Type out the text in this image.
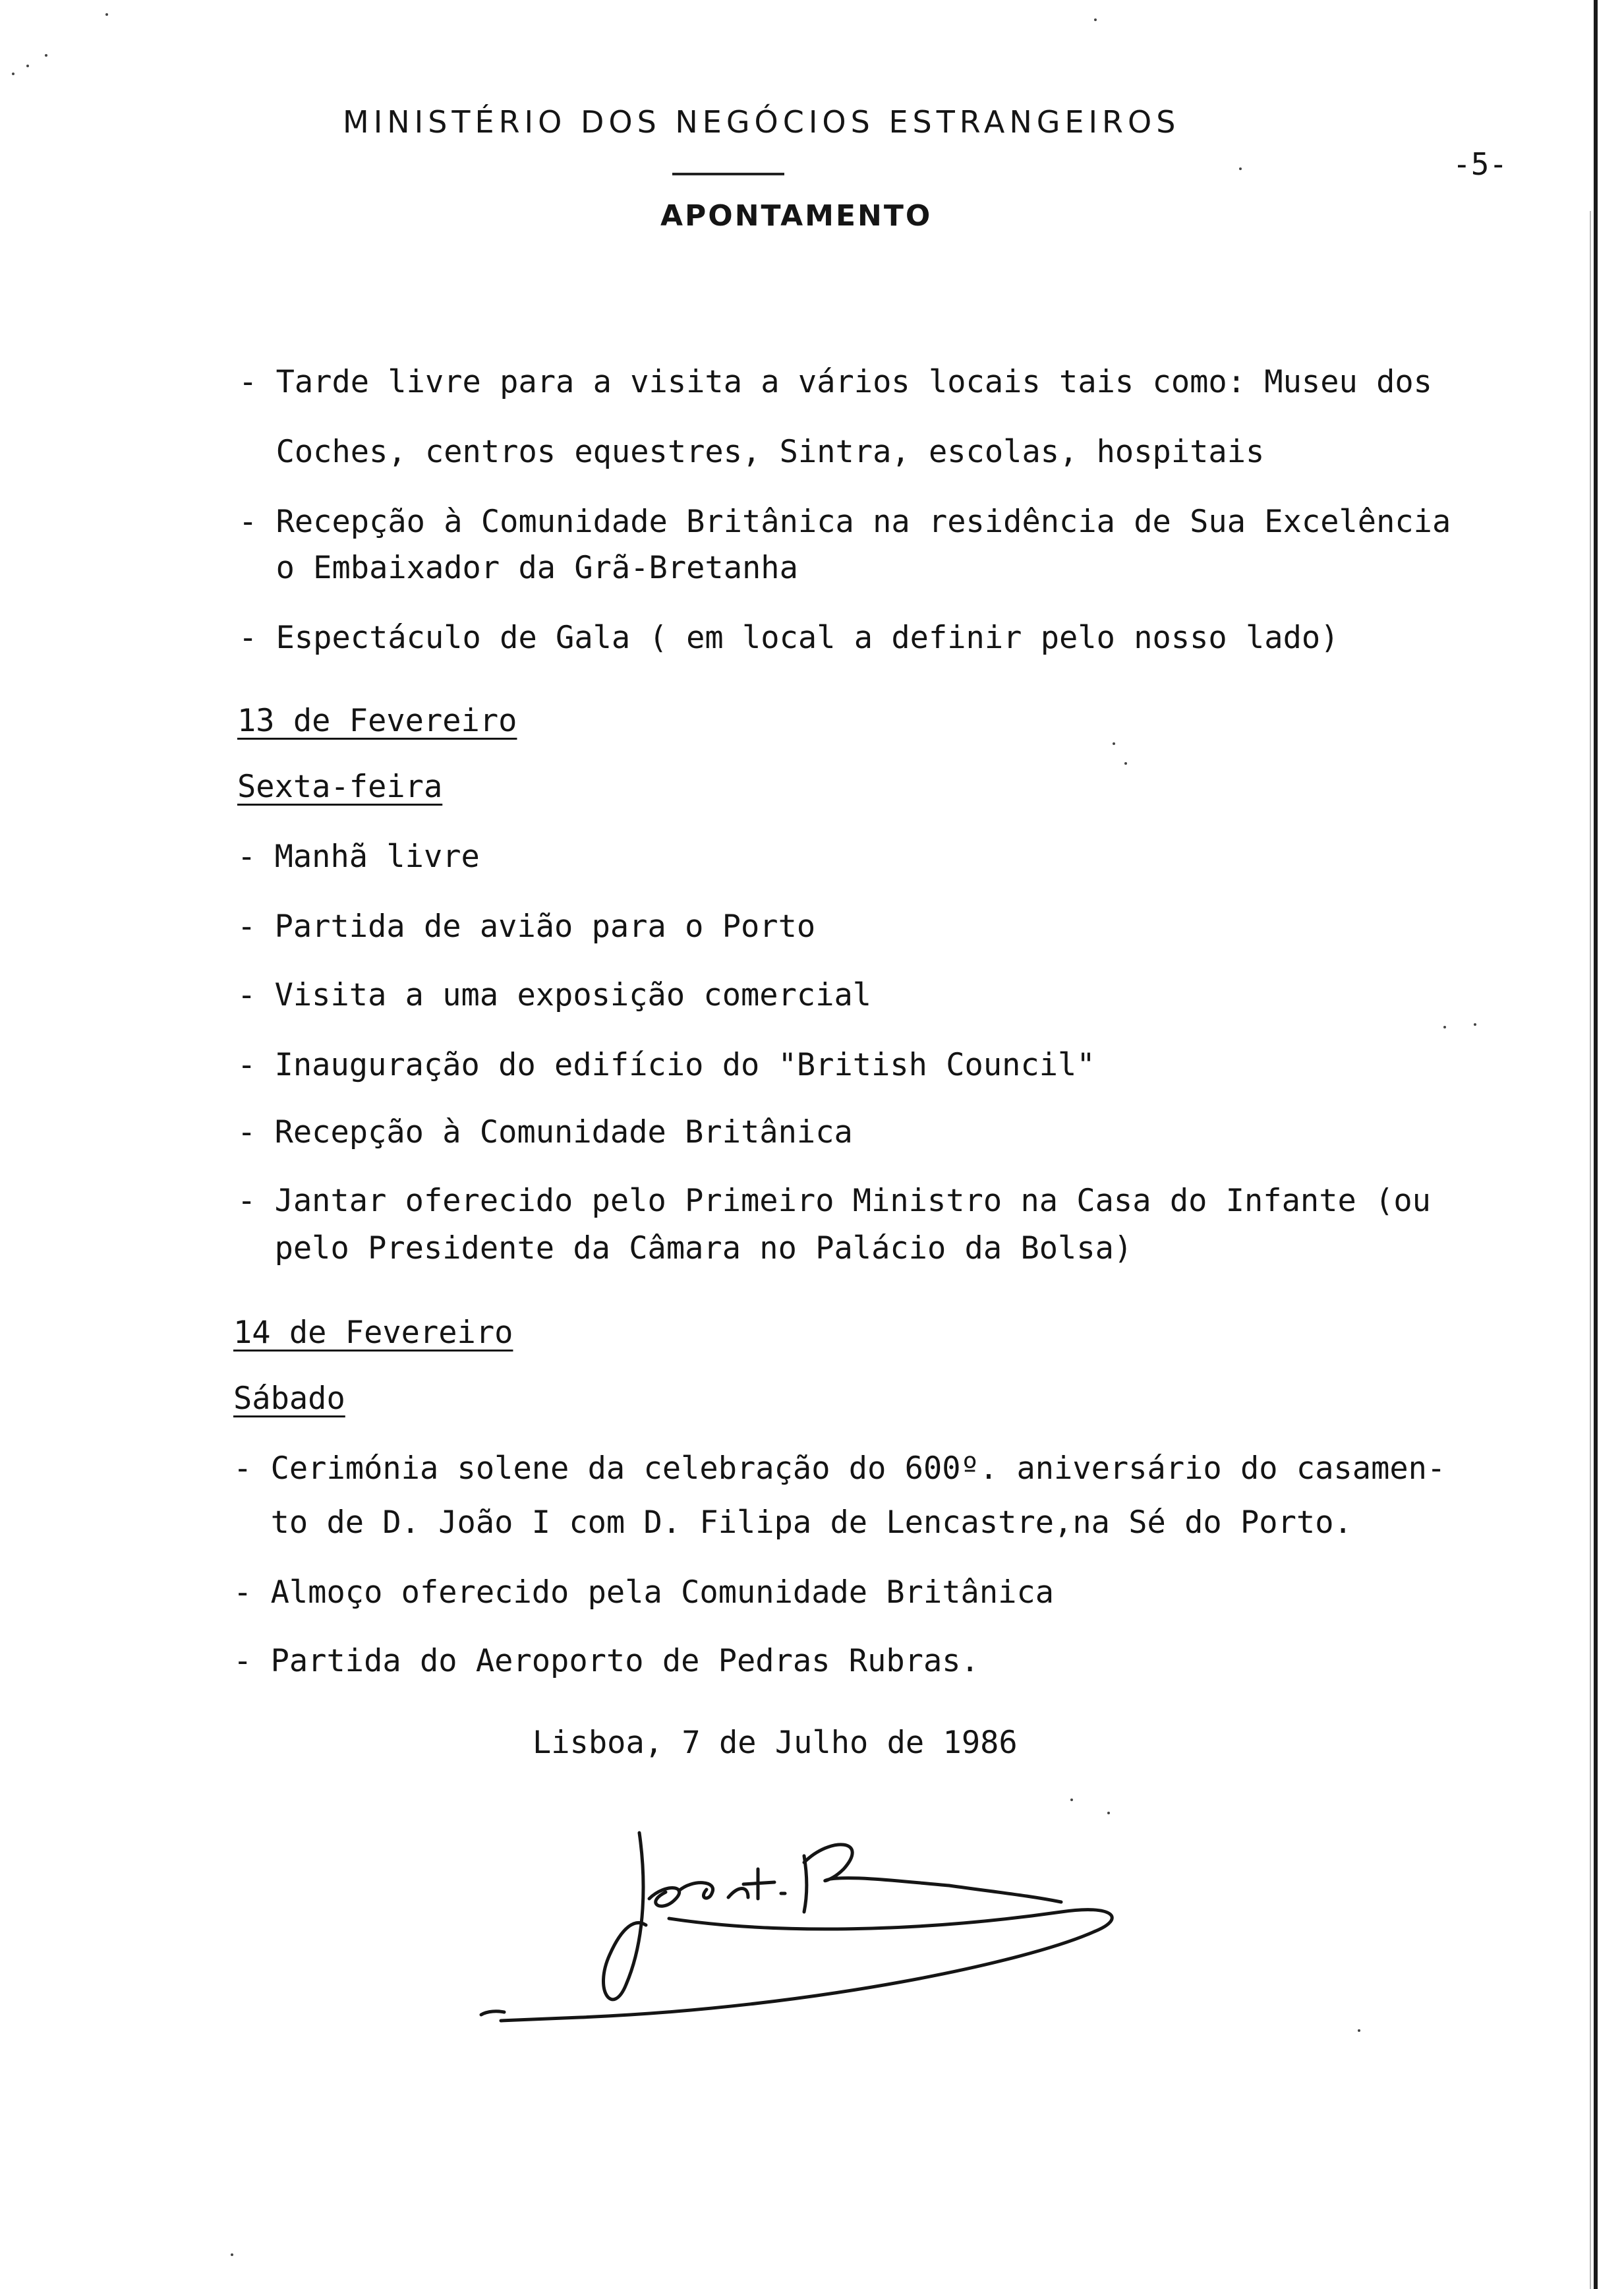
MINISTÉRIO DOS NEGÓCIOS ESTRANGEIROS
APONTAMENTO
-5-
- Tarde livre para a visita a vários locais tais como: Museu dos
Coches, centros equestres, Sintra, escolas, hospitais
- Recepção à Comunidade Britânica na residência de Sua Excelência
o Embaixador da Grã-Bretanha
- Espectáculo de Gala ( em local a definir pelo nosso lado)
13 de Fevereiro
Sexta-feira
- Manhã livre
- Partida de avião para o Porto
- Visita a uma exposição comercial
- Inauguração do edifício do "British Council"
- Recepção à Comunidade Britânica
- Jantar oferecido pelo Primeiro Ministro na Casa do Infante (ou
pelo Presidente da Câmara no Palácio da Bolsa)
14 de Fevereiro
Sábado
- Cerimónia solene da celebração do 600º. aniversário do casamen-
to de D. João I com D. Filipa de Lencastre,na Sé do Porto.
- Almoço oferecido pela Comunidade Britânica
- Partida do Aeroporto de Pedras Rubras.
Lisboa, 7 de Julho de 1986
